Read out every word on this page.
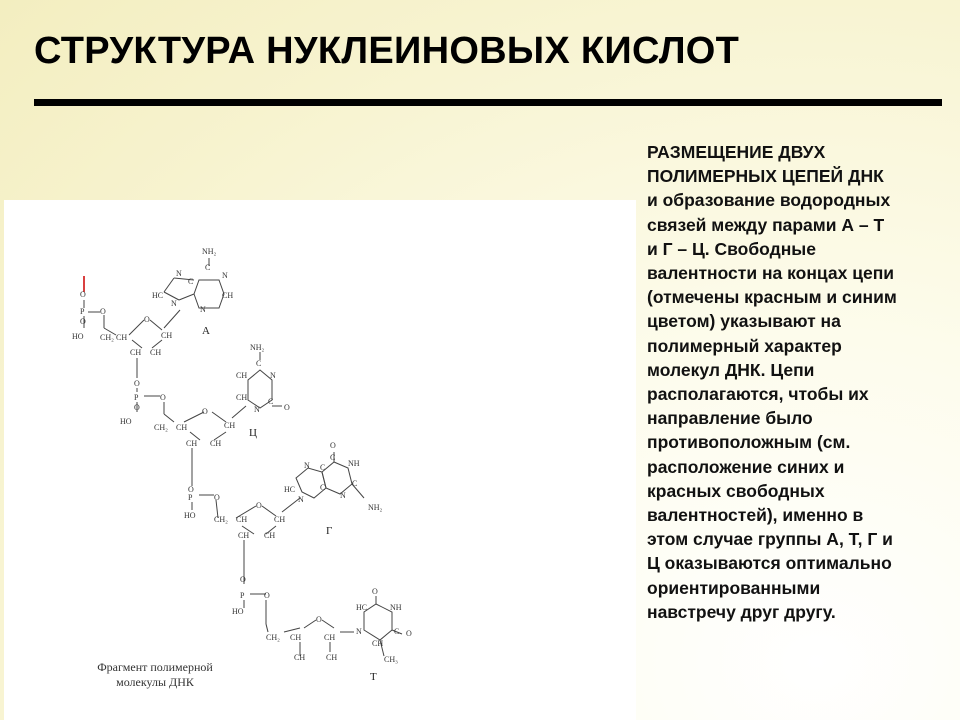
СТРУКТУРА НУКЛЕИНОВЫХ КИСЛОТ
NH₂
C
N
N
HC	CH
N
N
C
O
P O
HO
O
CH₂ CH
O
CH
CH CH
O
P	O
HO
O
CH₂ CH
O
CH
CH CH
NH₂
C
N
CH
CH	C
N	O
O
P	O
HO CH₂ CH
O
CH
CH CH
O
C
NH
N C
HC
C
NH₂
N
C
N
O
P O
HO
CH₂ CH
O
CH
CH	CH
O
HC	NH
C O
N
CH
CH₃
А
Ц
Г
Т
Фрагмент полимерной
молекулы ДНК
РАЗМЕЩЕНИЕ ДВУХ
ПОЛИМЕРНЫХ ЦЕПЕЙ ДНК
и образование водородных
связей между парами А – Т
и Г – Ц. Свободные
валентности на концах цепи
(отмечены красным и синим
цветом) указывают на
полимерный характер
молекул ДНК. Цепи
располагаются, чтобы их
направление было
противоположным (см.
расположение синих и
красных свободных
валентностей), именно в
этом случае группы А, Т, Г и
Ц оказываются оптимально
ориентированными
навстречу друг другу.
